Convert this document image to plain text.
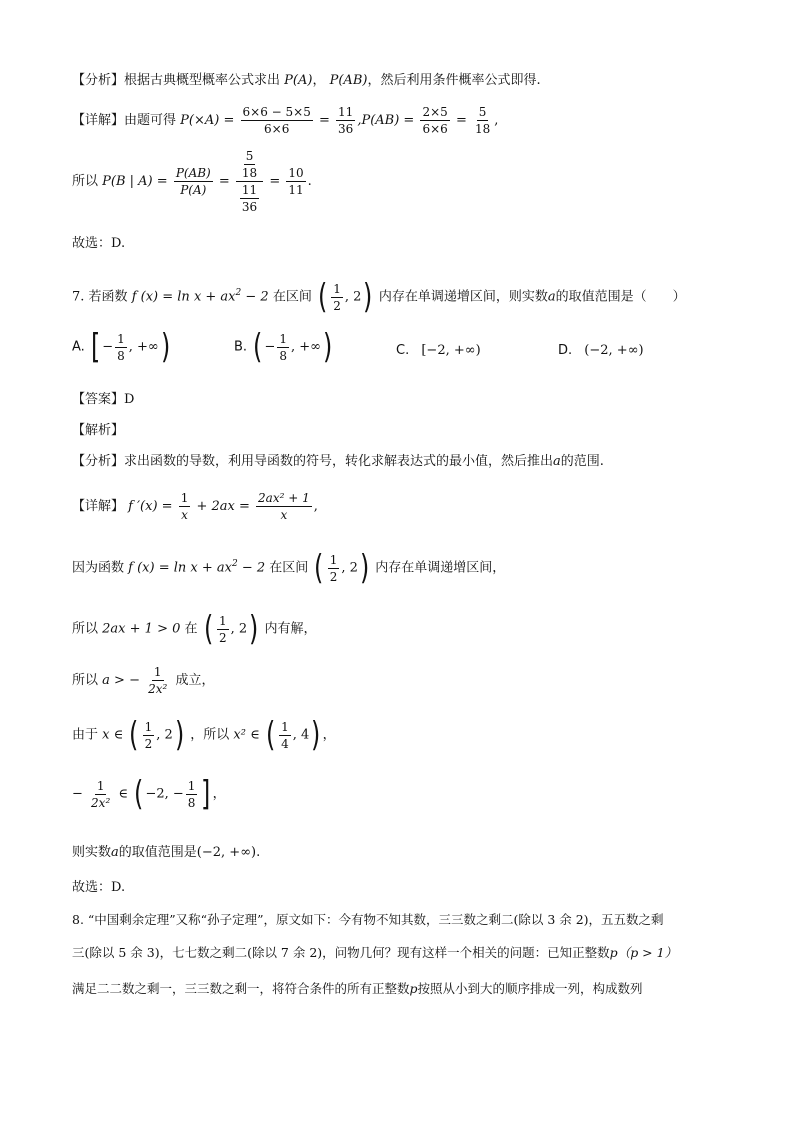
【分析】根据古典概型概率公式求出 P(A)， P(AB)，然后利用条件概率公式即得.
【详解】由题可得 $P(\times A) = \frac{6\times 6 - 5\times 5}{6\times 6} = \frac{11}{36} ,P(AB) = \frac{2\times 5}{6\times 6} = \frac{5}{18}$ ,
所以 P(B | $A) = \frac{P(AB)}{P(A)} = \frac{\frac{5}{18}}{\frac{11}{36}} = \frac{10}{11}$ .
故选：D.
7. 若函数 f $(x) = \ln x + ax^2 - 2$ 在区间 ( $\frac{1}{2}$ , 2) 内存在单调递增区间，则实数a的取值范围是（　　）
A. [ − $\frac{1}{8}$ , +∞)	B. ( − $\frac{1}{8}$ , +∞)	C. [−2, +∞)	D. (−2, +∞)
【答案】D
【解析】
【分析】求出函数的导数，利用导函数的符号，转化求解表达式的最小值，然后推出a的范围.
【详解】 f $'(x) = \frac{1}{x} + 2ax = \frac{\text{2ax² + 1}}{x}$ ,
因为函数 f $(x) = \ln x + ax^2 - 2$ 在区间 ( $\frac{1}{2}$ , 2) 内存在单调递增区间，
所以 2ax + 1 > 0 在 ( $\frac{1}{2}$ , 2) 内有解，
所以 a > − $\frac{1}{\text{2x²}}$ 成立，
由于 x ∈ ( $\frac{1}{2}$ , 2) ，所以 x² ∈ ( $\frac{1}{4}$ , 4) ，
− $\frac{1}{\text{2x²}}$ ∈ ( −2, − $\frac{1}{8}$ ] ，
则实数a的取值范围是(−2, +∞).
故选：D.
8. “中国剩余定理”又称“孙子定理”，原文如下：今有物不知其数，三三数之剩二(除以 3 余 2)，五五数之剩
三(除以 5 余 3)，七七数之剩二(除以 7 余 2)，问物几何？现有这样一个相关的问题：已知正整数p（p > 1）
满足二二数之剩一，三三数之剩一，将符合条件的所有正整数p按照从小到大的顺序排成一列，构成数列
